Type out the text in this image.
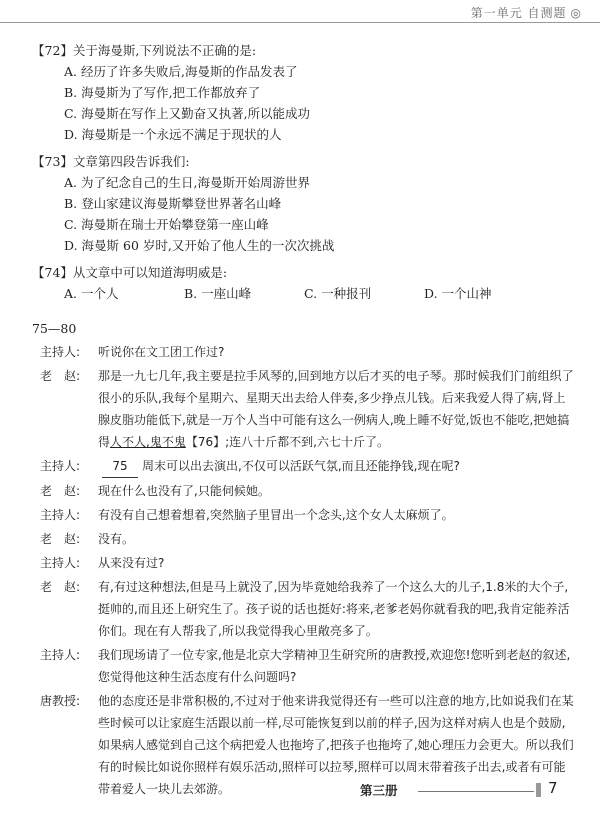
第一单元 自测题 ◎
【72】关于海曼斯,下列说法不正确的是:
A. 经历了许多失败后,海曼斯的作品发表了
B. 海曼斯为了写作,把工作都放弃了
C. 海曼斯在写作上又勤奋又执著,所以能成功
D. 海曼斯是一个永远不满足于现状的人
【73】文章第四段告诉我们:
A. 为了纪念自己的生日,海曼斯开始周游世界
B. 登山家建议海曼斯攀登世界著名山峰
C. 海曼斯在瑞士开始攀登第一座山峰
D. 海曼斯 60 岁时,又开始了他人生的一次次挑战
【74】从文章中可以知道海明威是:
A. 一个人	B. 一座山峰	C. 一种报刊	D. 一个山神
75—80
主持人:	听说你在文工团工作过?
老　赵:	那是一九七几年,我主要是拉手风琴的,回到地方以后才买的电子琴。那时候我们门前组织了很小的乐队,我每个星期六、星期天出去给人伴奏,多少挣点儿钱。后来我爱人得了病,肾上腺皮脂功能低下,就是一万个人当中可能有这么一例病人,晚上睡不好觉,饭也不能吃,把她搞得人不人,鬼不鬼【76】;连八十斤都不到,六七十斤了。
主持人:	75 周末可以出去演出,不仅可以活跃气氛,而且还能挣钱,现在呢?
老　赵:	现在什么也没有了,只能伺候她。
主持人:	有没有自己想着想着,突然脑子里冒出一个念头,这个女人太麻烦了。
老　赵:	没有。
主持人:	从来没有过?
老　赵:	有,有过这种想法,但是马上就没了,因为毕竟她给我养了一个这么大的儿子,1.8米的大个子,挺帅的,而且还上研究生了。孩子说的话也挺好:将来,老爹老妈你就看我的吧,我肯定能养活你们。现在有人帮我了,所以我觉得我心里敞亮多了。
主持人:	我们现场请了一位专家,他是北京大学精神卫生研究所的唐教授,欢迎您!您听到老赵的叙述,您觉得他这种生活态度有什么问题吗?
唐教授:	他的态度还是非常积极的,不过对于他来讲我觉得还有一些可以注意的地方,比如说我们在某些时候可以让家庭生活跟以前一样,尽可能恢复到以前的样子,因为这样对病人也是个鼓励,如果病人感觉到自己这个病把爱人也拖垮了,把孩子也拖垮了,她心理压力会更大。所以我们有的时候比如说你照样有娱乐活动,照样可以拉琴,照样可以周末带着孩子出去,或者有可能带着爱人一块儿去郊游。	第三册	7
